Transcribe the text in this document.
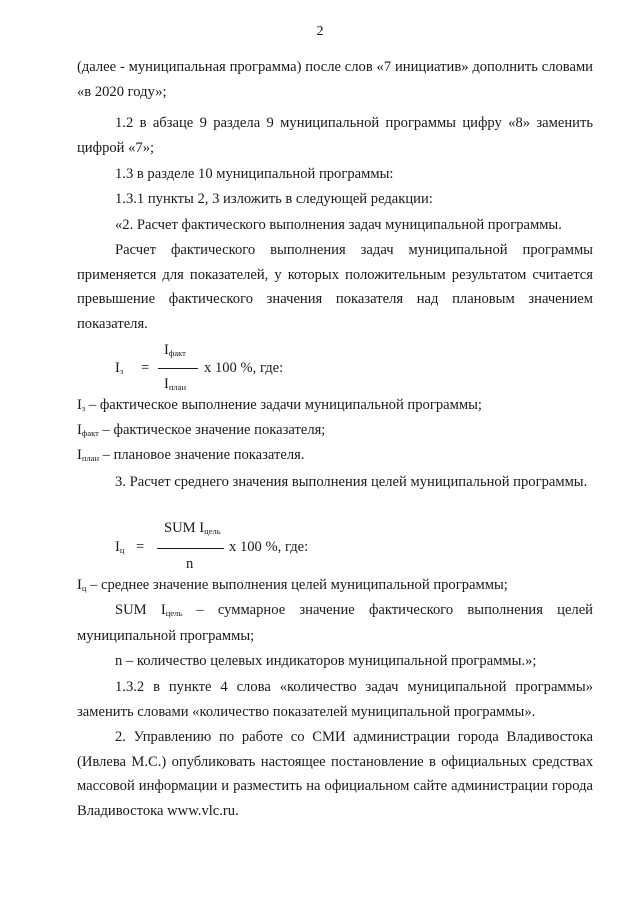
2

(далее - муниципальная программа) после слов «7 инициатив» дополнить словами «в 2020 году»;

1.2 в абзаце 9 раздела 9 муниципальной программы цифру «8» заменить цифрой «7»;

1.3 в разделе 10 муниципальной программы:

1.3.1 пункты 2, 3 изложить в следующей редакции:

«2. Расчет фактического выполнения задач муниципальной программы.

Расчет фактического выполнения задач муниципальной программы применяется для показателей, у которых положительным результатом считается превышение фактического значения показателя над плановым значением показателя.

Iз =
Iфакт
Iплан
х 100 %, где:

Iз – фактическое выполнение задачи муниципальной программы;

Iфакт – фактическое значение показателя;

Iплан – плановое значение показателя.

3. Расчет среднего значения выполнения целей муниципальной программы.

Iц =
SUM Iцель
n
х 100 %, где:

Iц – среднее значение выполнения целей муниципальной программы;

SUM Iцель – суммарное значение фактического выполнения целей муниципальной программы;

n – количество целевых индикаторов муниципальной программы.»;

1.3.2 в пункте 4 слова «количество задач муниципальной программы» заменить словами «количество показателей муниципальной программы».

2. Управлению по работе со СМИ администрации города Владивостока (Ивлева М.С.) опубликовать настоящее постановление в официальных средствах массовой информации и разместить на официальном сайте администрации города Владивостока www.vlc.ru.
